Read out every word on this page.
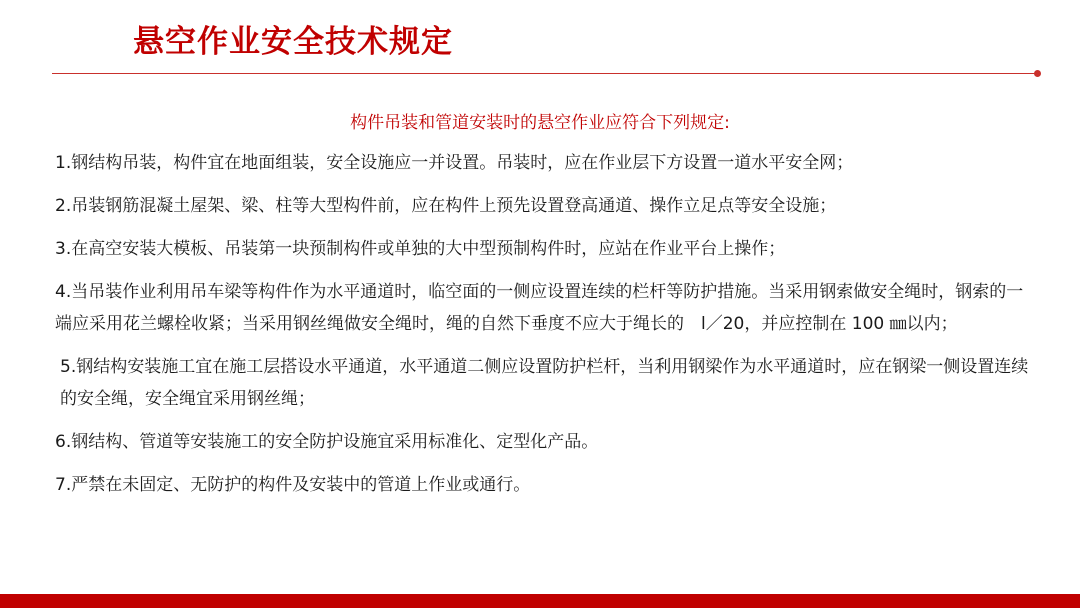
悬空作业安全技术规定
构件吊装和管道安装时的悬空作业应符合下列规定:

1.钢结构吊装，构件宜在地面组装，安全设施应一并设置。吊装时，应在作业层下方设置一道水平安全网；

2.吊装钢筋混凝土屋架、梁、柱等大型构件前，应在构件上预先设置登高通道、操作立足点等安全设施；

3.在高空安装大模板、吊装第一块预制构件或单独的大中型预制构件时，应站在作业平台上操作；

4.当吊装作业利用吊车梁等构件作为水平通道时，临空面的一侧应设置连续的栏杆等防护措施。当采用钢索做安全绳时，钢索的一端应采用花兰螺栓收紧；当采用钢丝绳做安全绳时，绳的自然下垂度不应大于绳长的　l／20，并应控制在 100 ㎜以内；

5.钢结构安装施工宜在施工层搭设水平通道，水平通道二侧应设置防护栏杆，当利用钢梁作为水平通道时，应在钢梁一侧设置连续的安全绳，安全绳宜采用钢丝绳；

6.钢结构、管道等安装施工的安全防护设施宜采用标准化、定型化产品。

7.严禁在未固定、无防护的构件及安装中的管道上作业或通行。
